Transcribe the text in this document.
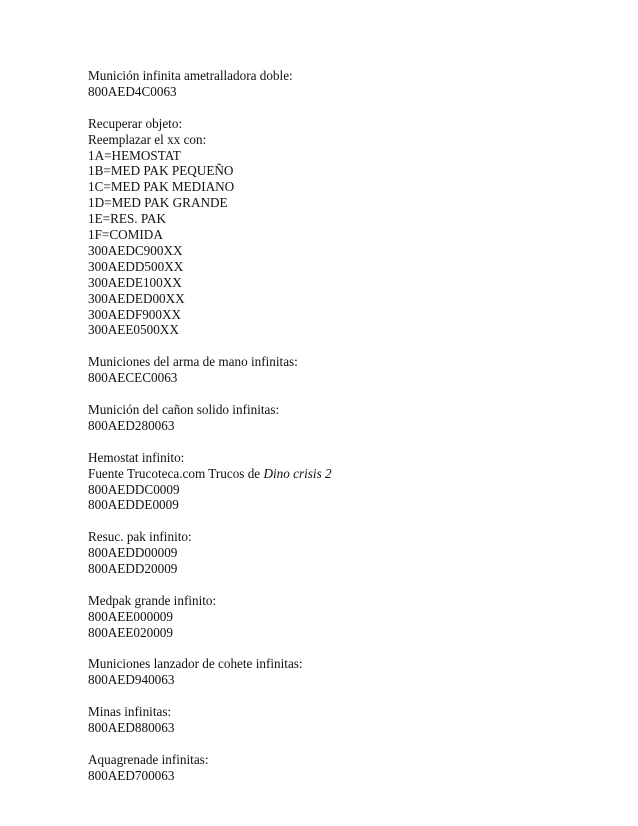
Munición infinita ametralladora doble:
800AED4C0063
Recuperar objeto:
Reemplazar el xx con:
1A=HEMOSTAT
1B=MED PAK PEQUEÑO
1C=MED PAK MEDIANO
1D=MED PAK GRANDE
1E=RES. PAK
1F=COMIDA
300AEDC900XX
300AEDD500XX
300AEDE100XX
300AEDED00XX
300AEDF900XX
300AEE0500XX
Municiones del arma de mano infinitas:
800AECEC0063
Munición del cañon solido infinitas:
800AED280063
Hemostat infinito:
Fuente Trucoteca.com Trucos de Dino crisis 2
800AEDDC0009
800AEDDE0009
Resuc. pak infinito:
800AEDD00009
800AEDD20009
Medpak grande infinito:
800AEE000009
800AEE020009
Municiones lanzador de cohete infinitas:
800AED940063
Minas infinitas:
800AED880063
Aquagrenade infinitas:
800AED700063
